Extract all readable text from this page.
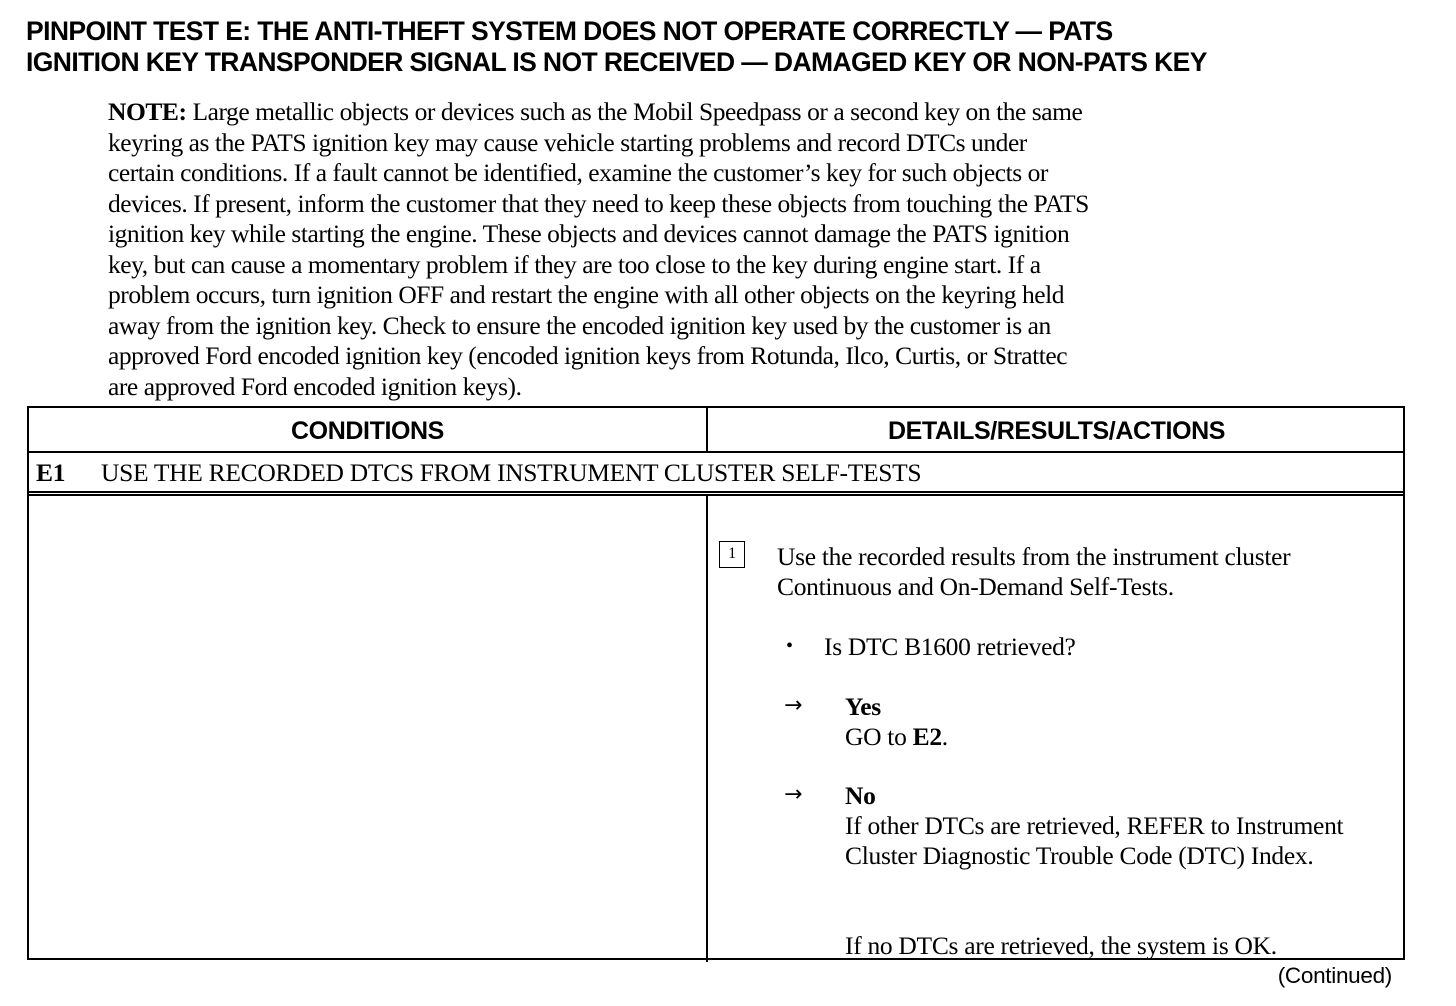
PINPOINT TEST E: THE ANTI-THEFT SYSTEM DOES NOT OPERATE CORRECTLY — PATS
IGNITION KEY TRANSPONDER SIGNAL IS NOT RECEIVED — DAMAGED KEY OR NON-PATS KEY
NOTE: Large metallic objects or devices such as the Mobil Speedpass or a second key on the same
keyring as the PATS ignition key may cause vehicle starting problems and record DTCs under
certain conditions. If a fault cannot be identified, examine the customer’s key for such objects or
devices. If present, inform the customer that they need to keep these objects from touching the PATS
ignition key while starting the engine. These objects and devices cannot damage the PATS ignition
key, but can cause a momentary problem if they are too close to the key during engine start. If a
problem occurs, turn ignition OFF and restart the engine with all other objects on the keyring held
away from the ignition key. Check to ensure the encoded ignition key used by the customer is an
approved Ford encoded ignition key (encoded ignition keys from Rotunda, Ilco, Curtis, or Strattec
are approved Ford encoded ignition keys).
CONDITIONS	DETAILS/RESULTS/ACTIONS
E1 USE THE RECORDED DTCS FROM INSTRUMENT CLUSTER SELF-TESTS
1	Use the recorded results from the instrument cluster Continuous and On-Demand Self-Tests.
• Is DTC B1600 retrieved?
→ Yes
GO to E2.
→ No
If other DTCs are retrieved, REFER to Instrument Cluster Diagnostic Trouble Code (DTC) Index.
If no DTCs are retrieved, the system is OK.
(Continued)
